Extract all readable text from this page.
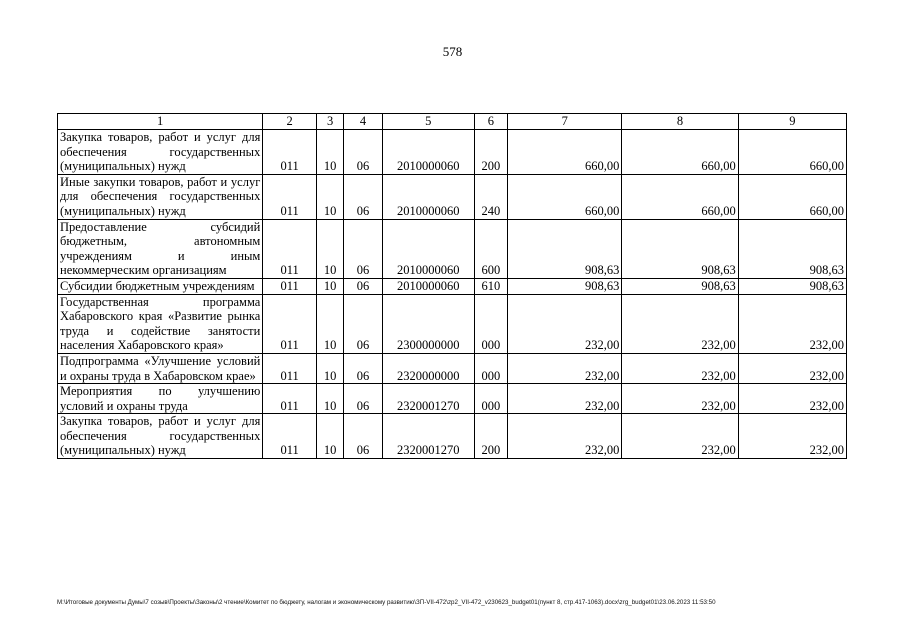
578
1	2	3	4	5	6	7	8	9
Закупка товаров, работ и услуг для обеспечения государственных (муниципальных) нужд	011	10	06	2010000060	200	660,00	660,00	660,00
Иные закупки товаров, работ и услуг для обеспечения государственных (муниципальных) нужд	011	10	06	2010000060	240	660,00	660,00	660,00
Предоставление субсидий бюджетным, автономным учреждениям и иным некоммерческим организациям	011	10	06	2010000060	600	908,63	908,63	908,63
Субсидии бюджетным учреждениям	011	10	06	2010000060	610	908,63	908,63	908,63
Государственная программа Хабаровского края «Развитие рынка труда и содействие занятости населения Хабаровского края»	011	10	06	2300000000	000	232,00	232,00	232,00
Подпрограмма «Улучшение условий и охраны труда в Хабаровском крае»	011	10	06	2320000000	000	232,00	232,00	232,00
Мероприятия по улучшению условий и охраны труда	011	10	06	2320001270	000	232,00	232,00	232,00
Закупка товаров, работ и услуг для обеспечения государственных (муниципальных) нужд	011	10	06	2320001270	200	232,00	232,00	232,00
М:\Итоговые документы Думы\7 созыв\Проекты\Законы\2 чтение\Комитет по бюджету, налогам и экономическому развитию\ЗП-VII-472\zp2_VII-472_v230623_budget01(пункт 8, стр.417-1063).docx\zrg_budget01\23.06.2023 11:53:50
